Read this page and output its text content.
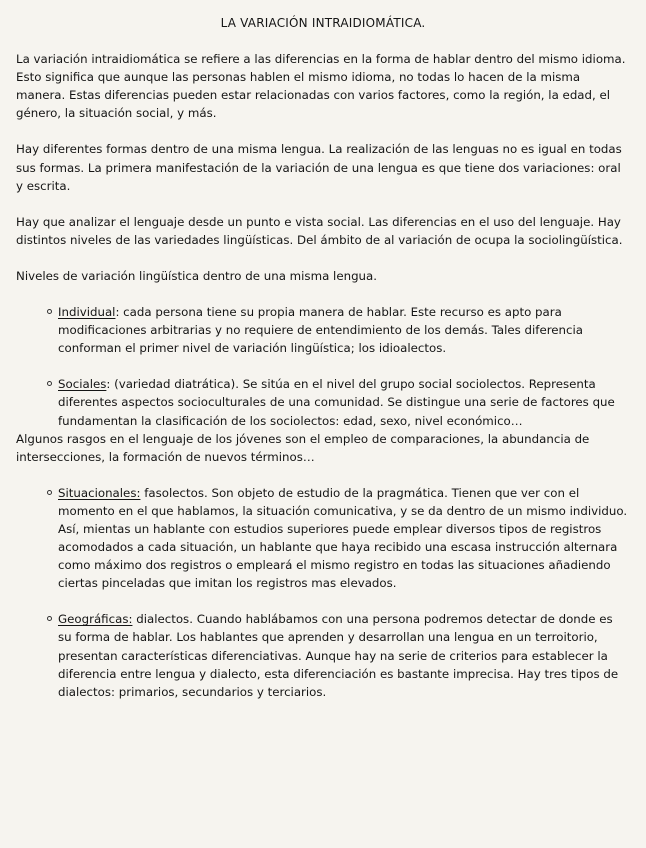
LA VARIACIÓN INTRAIDIOMÁTICA.

La variación intraidiomática se refiere a las diferencias en la forma de hablar dentro del mismo idioma. Esto significa que aunque las personas hablen el mismo idioma, no todas lo hacen de la misma manera. Estas diferencias pueden estar relacionadas con varios factores, como la región, la edad, el género, la situación social, y más.

Hay diferentes formas dentro de una misma lengua. La realización de las lenguas no es igual en todas sus formas. La primera manifestación de la variación de una lengua es que tiene dos variaciones: oral y escrita.

Hay que analizar el lenguaje desde un punto e vista social. Las diferencias en el uso del lenguaje. Hay distintos niveles de las variedades lingüísticas. Del ámbito de al variación de ocupa la sociolingüística.

Niveles de variación lingüística dentro de una misma lengua.

Individual: cada persona tiene su propia manera de hablar. Este recurso es apto para modificaciones arbitrarias y no requiere de entendimiento de los demás. Tales diferencia conforman el primer nivel de variación lingüística; los idioalectos.
Sociales: (variedad diatrática). Se sitúa en el nivel del grupo social sociolectos. Representa diferentes aspectos socioculturales de una comunidad. Se distingue una serie de factores que fundamentan la clasificación de los sociolectos: edad, sexo, nivel económico…

Algunos rasgos en el lenguaje de los jóvenes son el empleo de comparaciones, la abundancia de intersecciones, la formación de nuevos términos…

Situacionales: fasolectos. Son objeto de estudio de la pragmática. Tienen que ver con el momento en el que hablamos, la situación comunicativa, y se da dentro de un mismo individuo. Así, mientas un hablante con estudios superiores puede emplear diversos tipos de registros acomodados a cada situación, un hablante que haya recibido una escasa instrucción alternara como máximo dos registros o empleará el mismo registro en todas las situaciones añadiendo ciertas pinceladas que imitan los registros mas elevados.
Geográficas: dialectos. Cuando hablábamos con una persona podremos detectar de donde es su forma de hablar. Los hablantes que aprenden y desarrollan una lengua en un terroitorio, presentan características diferenciativas. Aunque hay na serie de criterios para establecer la diferencia entre lengua y dialecto, esta diferenciación es bastante imprecisa. Hay tres tipos de dialectos: primarios, secundarios y terciarios.
